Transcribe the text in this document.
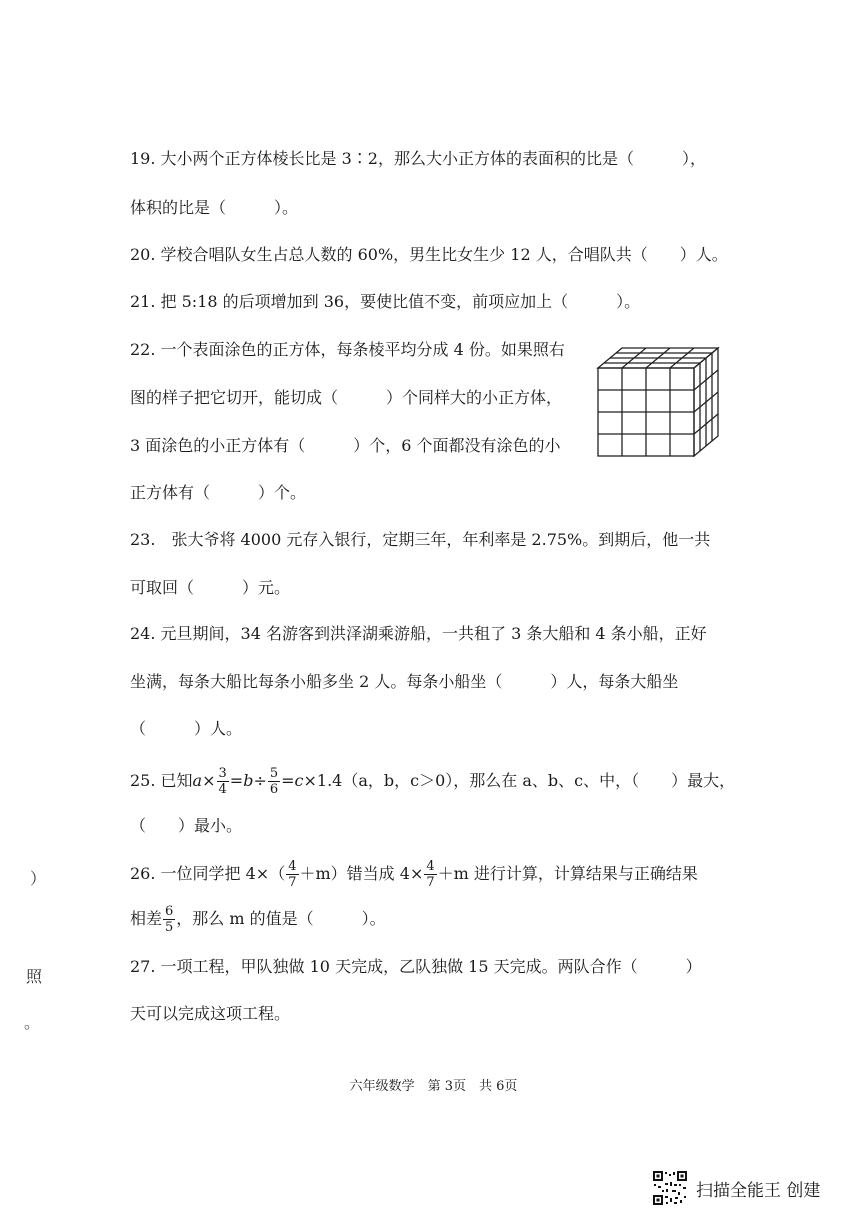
19. 大小两个正方体棱长比是 3∶2，那么大小正方体的表面积的比是（　　　），
体积的比是（　　　）。
20. 学校合唱队女生占总人数的 60%，男生比女生少 12 人，合唱队共（　　）人。
21. 把 5:18 的后项增加到 36，要使比值不变，前项应加上（　　　）。
22. 一个表面涂色的正方体，每条棱平均分成 4 份。如果照右
图的样子把它切开，能切成（　　　）个同样大的小正方体，
3 面涂色的小正方体有（　　　）个，6 个面都没有涂色的小
正方体有（　　　）个。
23.　张大爷将 4000 元存入银行，定期三年，年利率是 2.75%。到期后，他一共
可取回（　　　）元。
24. 元旦期间，34 名游客到洪泽湖乘游船，一共租了 3 条大船和 4 条小船，正好
坐满，每条大船比每条小船多坐 2 人。每条小船坐（　　　）人，每条大船坐
（　　　）人。
25. 已知$a\times \frac{3}{4} =b\div \frac{5}{6} =c\times 1.4(a$，b，c＞0），那么在 a、b、c、中，（　　）最大，
（　　）最小。
26. 一位同学把 $4\times( \frac{4}{7} +m)$错当成 $4\times \frac{4}{7} +m$ 进行计算，计算结果与正确结果
相差 $\frac{6}{5}$ ，那么 m 的值是（　　　）。
27. 一项工程，甲队独做 10 天完成，乙队独做 15 天完成。两队合作（　　　）
天可以完成这项工程。
）
照
。
六年级数学　第 3页　共 6页
扫描全能王 创建
